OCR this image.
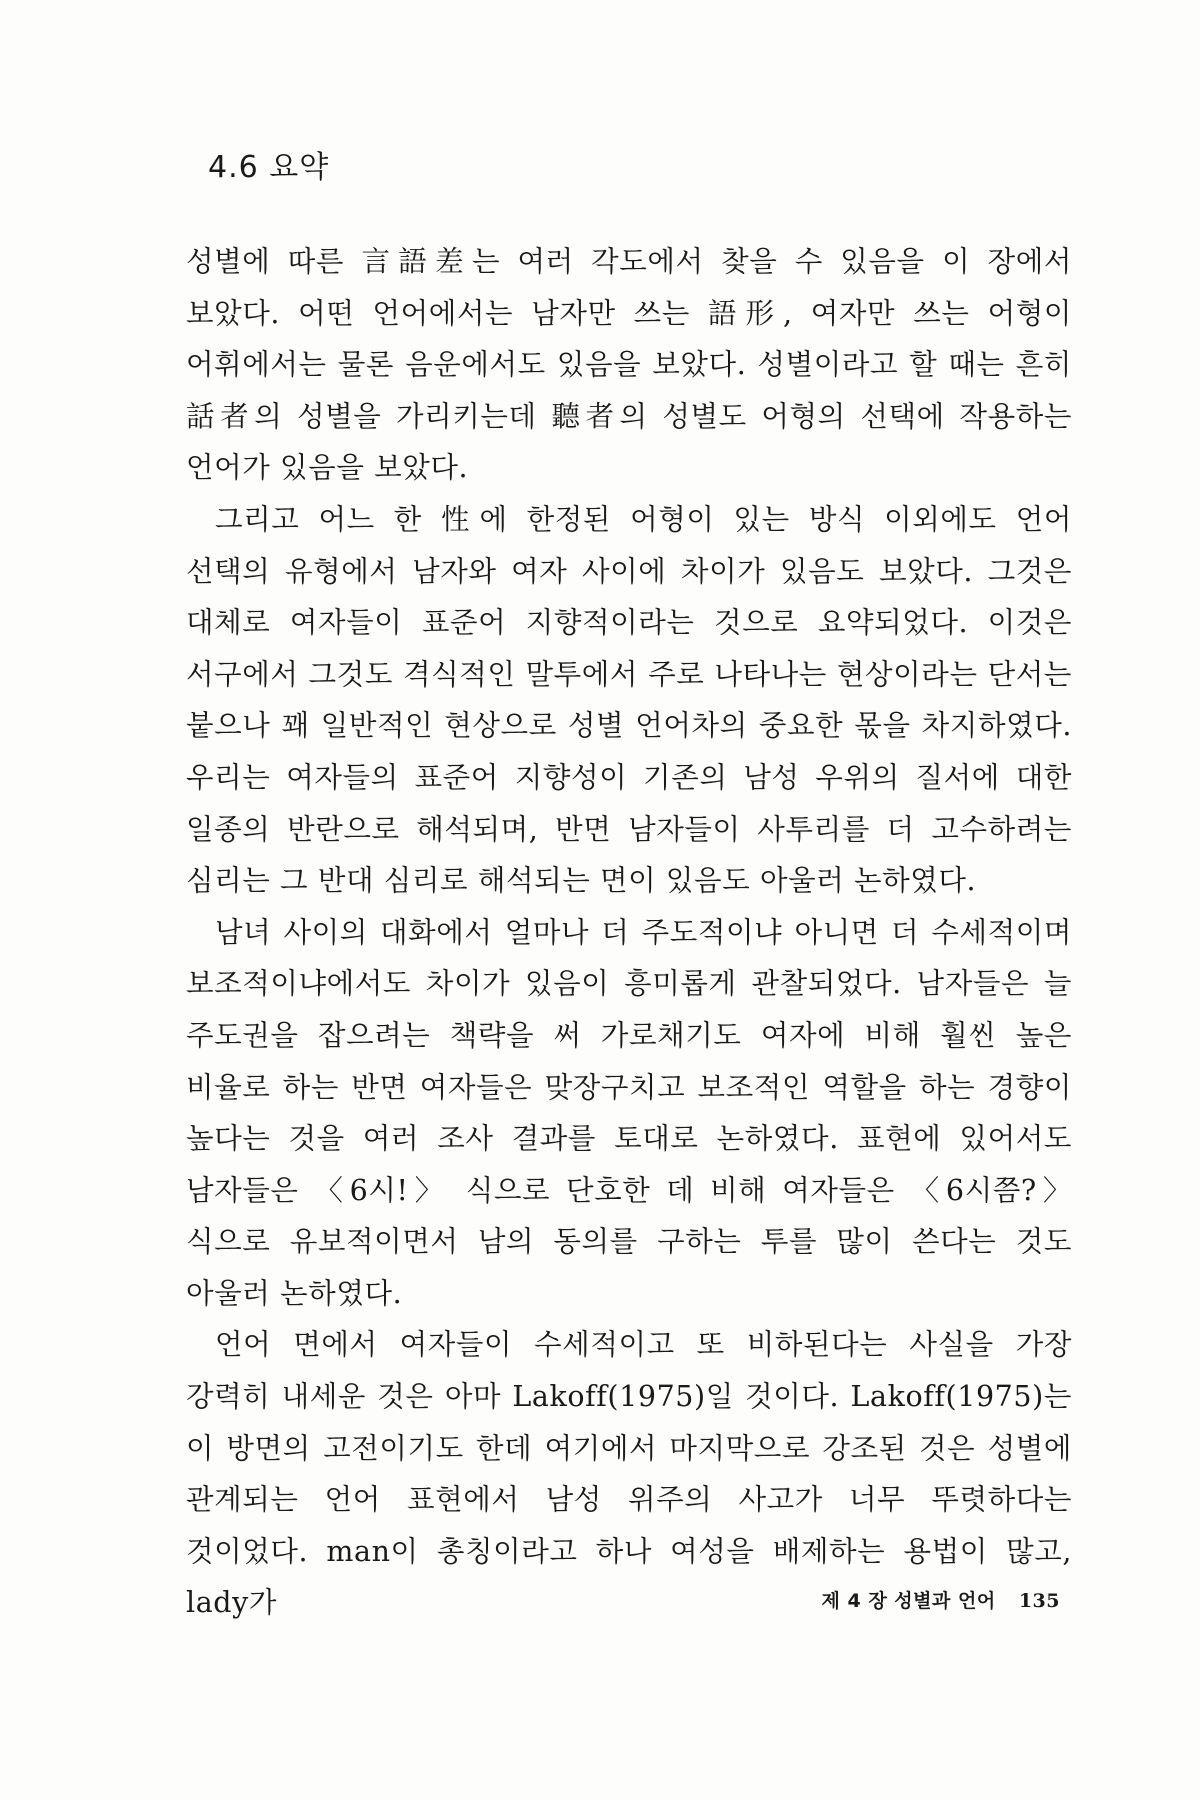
4.6 요약

성별에 따른 言語差는 여러 각도에서 찾을 수 있음을 이 장에서 보았다. 어떤 언어에서는 남자만 쓰는 語形, 여자만 쓰는 어형이 어휘에서는 물론 음운에서도 있음을 보았다. 성별이라고 할 때는 흔히 話者의 성별을 가리키는데 聽者의 성별도 어형의 선택에 작용하는 언어가 있음을 보았다.

그리고 어느 한 性에 한정된 어형이 있는 방식 이외에도 언어 선택의 유형에서 남자와 여자 사이에 차이가 있음도 보았다. 그것은 대체로 여자들이 표준어 지향적이라는 것으로 요약되었다. 이것은 서구에서 그것도 격식적인 말투에서 주로 나타나는 현상이라는 단서는 붙으나 꽤 일반적인 현상으로 성별 언어차의 중요한 몫을 차지하였다. 우리는 여자들의 표준어 지향성이 기존의 남성 우위의 질서에 대한 일종의 반란으로 해석되며, 반면 남자들이 사투리를 더 고수하려는 심리는 그 반대 심리로 해석되는 면이 있음도 아울러 논하였다.

남녀 사이의 대화에서 얼마나 더 주도적이냐 아니면 더 수세적이며 보조적이냐에서도 차이가 있음이 흥미롭게 관찰되었다. 남자들은 늘 주도권을 잡으려는 책략을 써 가로채기도 여자에 비해 훨씬 높은 비율로 하는 반면 여자들은 맞장구치고 보조적인 역할을 하는 경향이 높다는 것을 여러 조사 결과를 토대로 논하였다. 표현에 있어서도 남자들은 〈6시!〉 식으로 단호한 데 비해 여자들은 〈6시쯤?〉 식으로 유보적이면서 남의 동의를 구하는 투를 많이 쓴다는 것도 아울러 논하였다.

언어 면에서 여자들이 수세적이고 또 비하된다는 사실을 가장 강력히 내세운 것은 아마 Lakoff(1975)일 것이다. Lakoff(1975)는 이 방면의 고전이기도 한데 여기에서 마지막으로 강조된 것은 성별에 관계되는 언어 표현에서 남성 위주의 사고가 너무 뚜렷하다는 것이었다. man이 총칭이라고 하나 여성을 배제하는 용법이 많고, lady가	제 4 장 성별과 언어 135
